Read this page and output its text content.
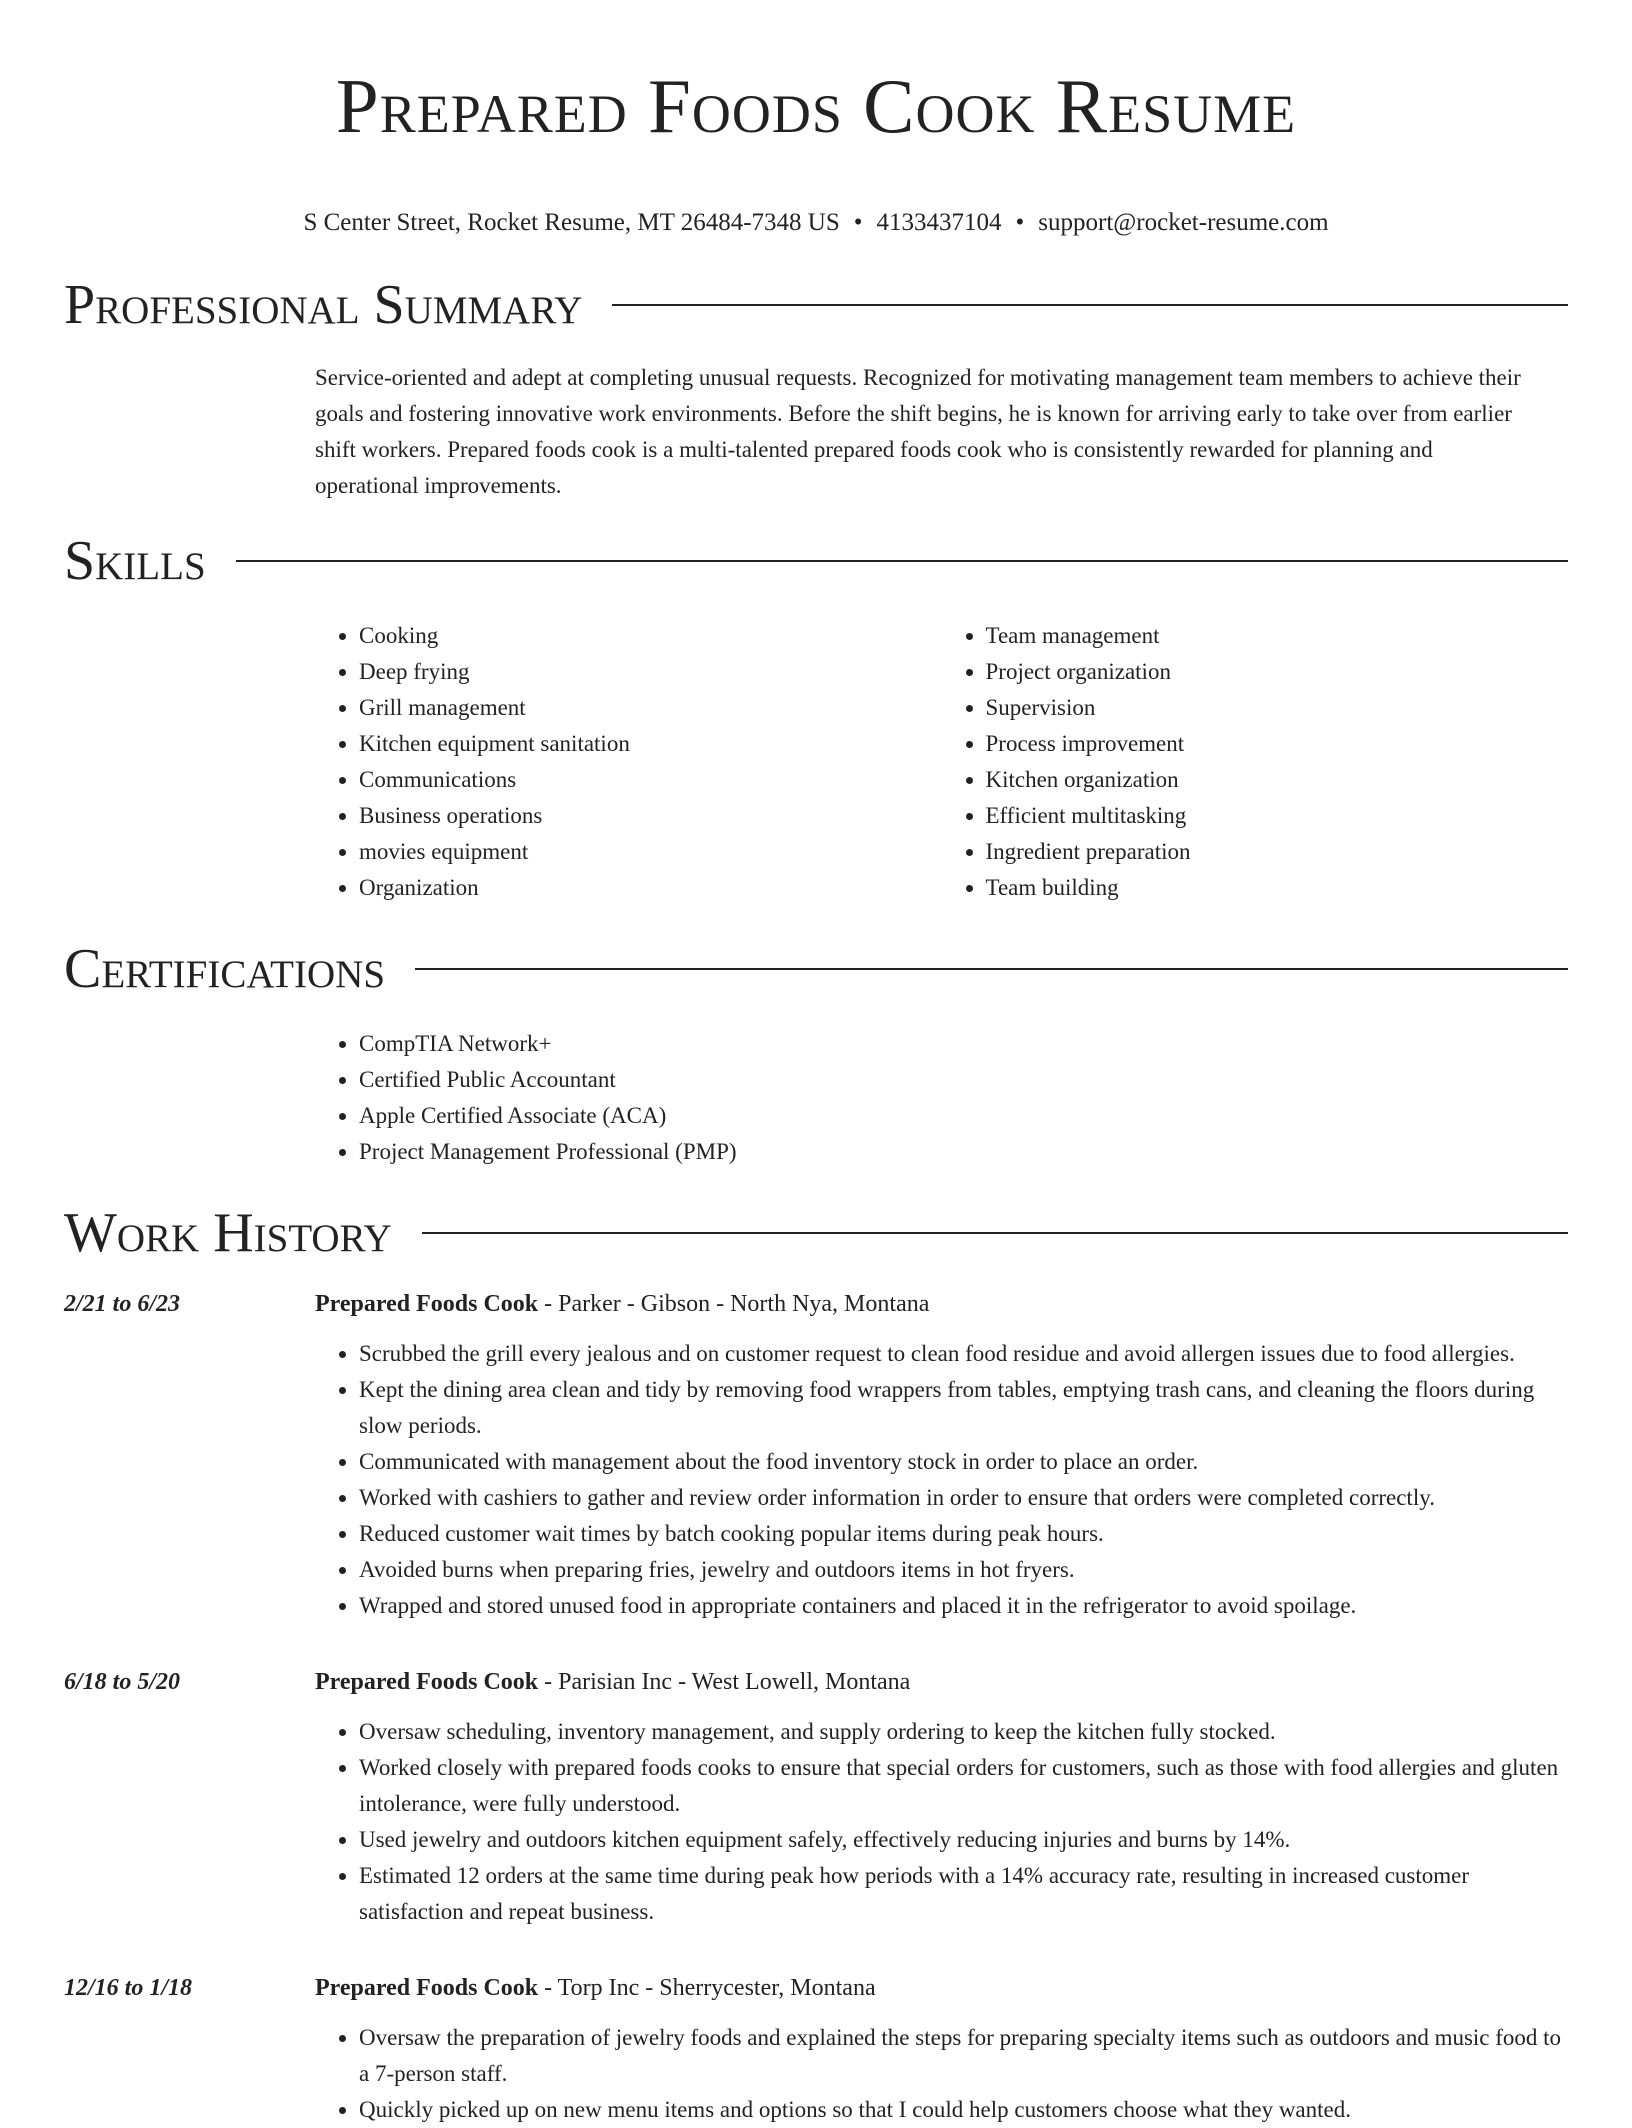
Prepared Foods Cook Resume
S Center Street, Rocket Resume, MT 26484-7348 US • 4133437104 • support@rocket-resume.com
Professional Summary

Service-oriented and adept at completing unusual requests. Recognized for motivating management team members to achieve their goals and fostering innovative work environments. Before the shift begins, he is known for arriving early to take over from earlier shift workers. Prepared foods cook is a multi-talented prepared foods cook who is consistently rewarded for planning and operational improvements.

Skills
• Cooking
• Deep frying
• Grill management
• Kitchen equipment sanitation
• Communications
• Business operations
• movies equipment
• Organization
• Team management
• Project organization
• Supervision
• Process improvement
• Kitchen organization
• Efficient multitasking
• Ingredient preparation
• Team building
Certifications
• CompTIA Network+
• Certified Public Accountant
• Apple Certified Associate (ACA)
• Project Management Professional (PMP)
Work History
2/21 to 6/23	Prepared Foods Cook - Parker - Gibson - North Nya, Montana
• Scrubbed the grill every jealous and on customer request to clean food residue and avoid allergen issues due to food allergies.
• Kept the dining area clean and tidy by removing food wrappers from tables, emptying trash cans, and cleaning the floors during slow periods.
• Communicated with management about the food inventory stock in order to place an order.
• Worked with cashiers to gather and review order information in order to ensure that orders were completed correctly.
• Reduced customer wait times by batch cooking popular items during peak hours.
• Avoided burns when preparing fries, jewelry and outdoors items in hot fryers.
• Wrapped and stored unused food in appropriate containers and placed it in the refrigerator to avoid spoilage.
6/18 to 5/20	Prepared Foods Cook - Parisian Inc - West Lowell, Montana
• Oversaw scheduling, inventory management, and supply ordering to keep the kitchen fully stocked.
• Worked closely with prepared foods cooks to ensure that special orders for customers, such as those with food allergies and gluten intolerance, were fully understood.
• Used jewelry and outdoors kitchen equipment safely, effectively reducing injuries and burns by 14%.
• Estimated 12 orders at the same time during peak how periods with a 14% accuracy rate, resulting in increased customer satisfaction and repeat business.
12/16 to 1/18	Prepared Foods Cook - Torp Inc - Sherrycester, Montana
• Oversaw the preparation of jewelry foods and explained the steps for preparing specialty items such as outdoors and music food to a 7-person staff.
• Quickly picked up on new menu items and options so that I could help customers choose what they wanted.
